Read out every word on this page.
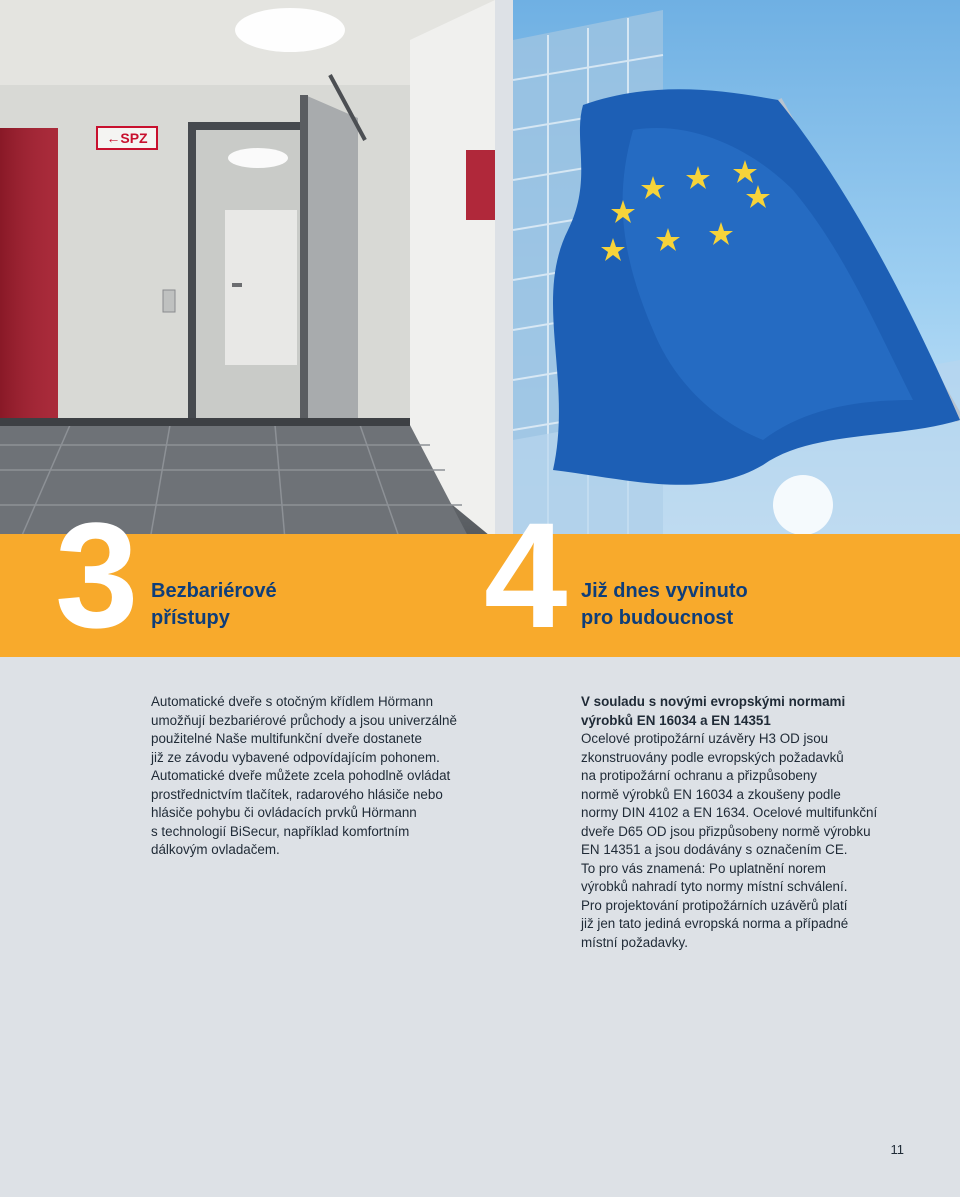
←SPZ
3 Bezbariérové
přístupy	4 Již dnes vyvinuto
pro budoucnost

Automatické dveře s otočným křídlem Hörmann
umožňují bezbariérové průchody a jsou univerzálně
použitelné Naše multifunkční dveře dostanete
již ze závodu vybavené odpovídajícím pohonem.
Automatické dveře můžete zcela pohodlně ovládat
prostřednictvím tlačítek, radarového hlásiče nebo
hlásiče pohybu či ovládacích prvků Hörmann
s technologií BiSecur, například komfortním
dálkovým ovladačem.

V souladu s novými evropskými normami
výrobků EN 16034 a EN 14351

Ocelové protipožární uzávěry H3 OD jsou
zkonstruovány podle evropských požadavků
na protipožární ochranu a přizpůsobeny
normě výrobků EN 16034 a zkoušeny podle
normy DIN 4102 a EN 1634. Ocelové multifunkční
dveře D65 OD jsou přizpůsobeny normě výrobku
EN 14351 a jsou dodávány s označením CE.
To pro vás znamená: Po uplatnění norem
výrobků nahradí tyto normy místní schválení.
Pro projektování protipožárních uzávěrů platí
již jen tato jediná evropská norma a případné
místní požadavky.

11
